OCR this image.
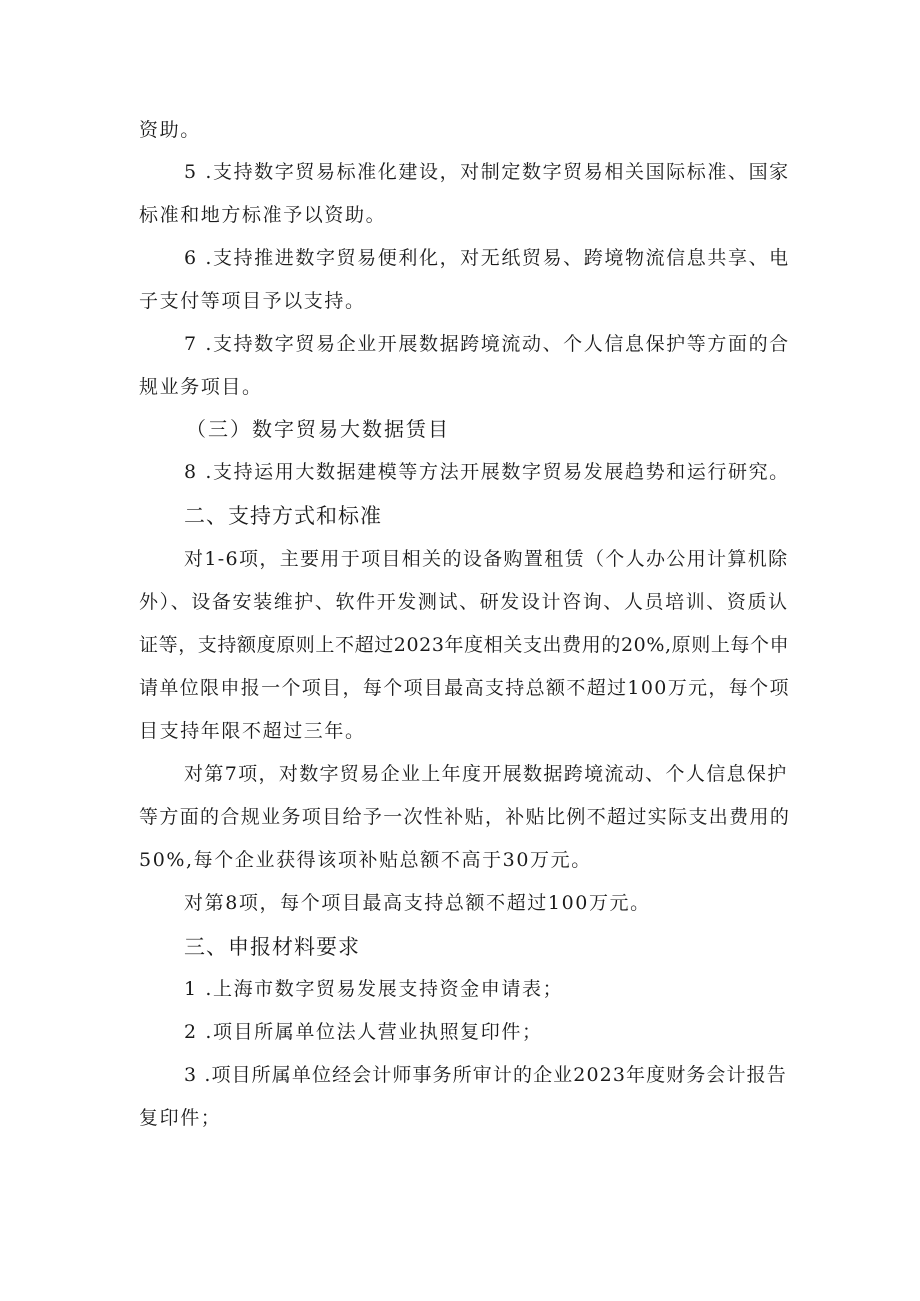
资助。
5 .支持数字贸易标准化建设，对制定数字贸易相关国际标准、国家
标准和地方标准予以资助。
6 .支持推进数字贸易便利化，对无纸贸易、跨境物流信息共享、电
子支付等项目予以支持。
7 .支持数字贸易企业开展数据跨境流动、个人信息保护等方面的合
规业务项目。
（三）数字贸易大数据赁目
8 .支持运用大数据建模等方法开展数字贸易发展趋势和运行研究。
二、支持方式和标准
对1-6项，主要用于项目相关的设备购置租赁（个人办公用计算机除
外）、设备安装维护、软件开发测试、研发设计咨询、人员培训、资质认
证等，支持额度原则上不超过2023年度相关支出费用的20%,原则上每个申
请单位限申报一个项目，每个项目最高支持总额不超过100万元，每个项
目支持年限不超过三年。
对第7项，对数字贸易企业上年度开展数据跨境流动、个人信息保护
等方面的合规业务项目给予一次性补贴，补贴比例不超过实际支出费用的
50%,每个企业获得该项补贴总额不高于30万元。
对第8项，每个项目最高支持总额不超过100万元。
三、申报材料要求
1 .上海市数字贸易发展支持资金申请表；
2 .项目所属单位法人营业执照复印件；
3 .项目所属单位经会计师事务所审计的企业2023年度财务会计报告
复印件；
